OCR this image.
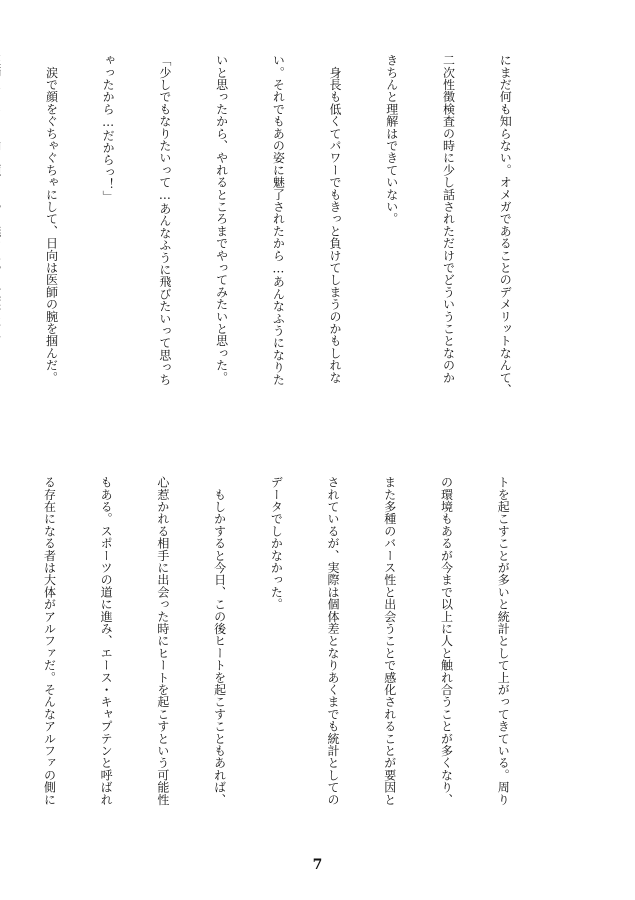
にまだ何も知らない。オメガであることのデメリットなんて、

二次性徴検査の時に少し話されただけでどういうことなのか

きちんと理解はできていない。

　身長も低くてパワーでもきっと負けてしまうのかもしれな

い。それでもあの姿に魅了されたから…あんなふうになりた

いと思ったから、やれるところまでやってみたいと思った。

「少しでもなりたいって…あんなふうに飛びたいって思っち

ゃったから…だからっ！」

　涙で顔をぐちゃぐちゃにして、日向は医師の腕を掴んだ。

トを起こすことが多いと統計として上がってきている。周り

の環境もあるが今まで以上に人と触れ合うことが多くなり、

また多種のバース性と出会うことで感化されることが要因と

されているが、実際は個体差となりあくまでも統計としての

データでしかなかった。

　もしかすると今日、この後ヒートを起こすこともあれば、

心惹かれる相手に出会った時にヒートを起こすという可能性

もある。スポーツの道に進み、エース・キャプテンと呼ばれ

る存在になる者は大体がアルファだ。そんなアルファの側に

7
